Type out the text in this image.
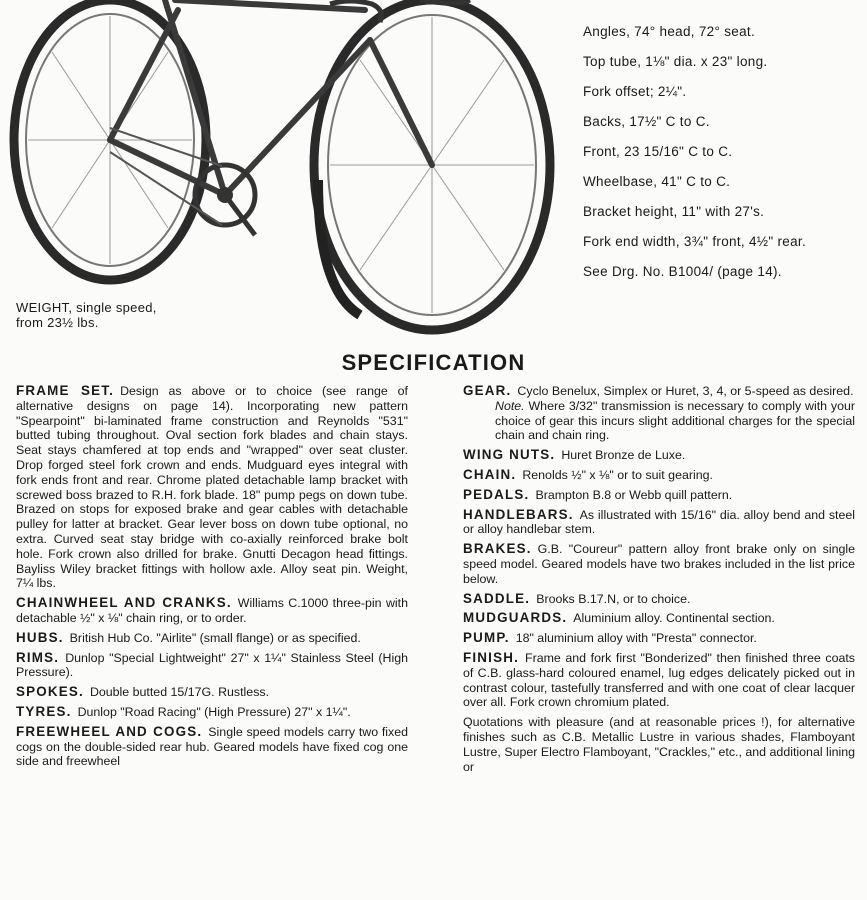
WEIGHT, single speed,
from 23½ lbs.
Angles, 74° head, 72° seat.
Top tube, 1⅛" dia. x 23" long.
Fork offset; 2¼".
Backs, 17½" C to C.
Front, 23 15/16" C to C.
Wheelbase, 41" C to C.
Bracket height, 11" with 27's.
Fork end width, 3¾" front, 4½" rear.
See Drg. No. B1004/ (page 14).
SPECIFICATION

FRAME SET. Design as above or to choice (see range of alternative designs on page 14). Incorporating new pattern "Spearpoint" bi-laminated frame construction and Reynolds "531" butted tubing throughout. Oval section fork blades and chain stays. Seat stays chamfered at top ends and "wrapped" over seat cluster. Drop forged steel fork crown and ends. Mudguard eyes integral with fork ends front and rear. Chrome plated detachable lamp bracket with screwed boss brazed to R.H. fork blade. 18" pump pegs on down tube. Brazed on stops for exposed brake and gear cables with detachable pulley for latter at bracket. Gear lever boss on down tube optional, no extra. Curved seat stay bridge with co-axially reinforced brake bolt hole. Fork crown also drilled for brake. Gnutti Decagon head fittings. Bayliss Wiley bracket fittings with hollow axle. Alloy seat pin. Weight, 7¼ lbs.

CHAINWHEEL AND CRANKS. Williams C.1000 three-pin with detachable ½" x ⅛" chain ring, or to order.

HUBS. British Hub Co. "Airlite" (small flange) or as specified.

RIMS. Dunlop "Special Lightweight" 27" x 1¼" Stainless Steel (High Pressure).

SPOKES. Double butted 15/17G. Rustless.

TYRES. Dunlop "Road Racing" (High Pressure) 27" x 1¼".

FREEWHEEL AND COGS. Single speed models carry two fixed cogs on the double-sided rear hub. Geared models have fixed cog one side and freewheel

GEAR. Cyclo Benelux, Simplex or Huret, 3, 4, or 5-speed as desired.
Note. Where 3/32" transmission is necessary to comply with your choice of gear this incurs slight additional charges for the special chain and chain ring.

WING NUTS. Huret Bronze de Luxe.

CHAIN. Renolds ½" x ⅛" or to suit gearing.

PEDALS. Brampton B.8 or Webb quill pattern.

HANDLEBARS. As illustrated with 15/16" dia. alloy bend and steel or alloy handlebar stem.

BRAKES. G.B. "Coureur" pattern alloy front brake only on single speed model. Geared models have two brakes included in the list price below.

SADDLE. Brooks B.17.N, or to choice.

MUDGUARDS. Aluminium alloy. Continental section.

PUMP. 18" aluminium alloy with "Presta" connector.

FINISH. Frame and fork first "Bonderized" then finished three coats of C.B. glass-hard coloured enamel, lug edges delicately picked out in contrast colour, tastefully transferred and with one coat of clear lacquer over all. Fork crown chromium plated.

Quotations with pleasure (and at reasonable prices !), for alternative finishes such as C.B. Metallic Lustre in various shades, Flamboyant Lustre, Super Electro Flamboyant, "Crackles," etc., and additional lining or
